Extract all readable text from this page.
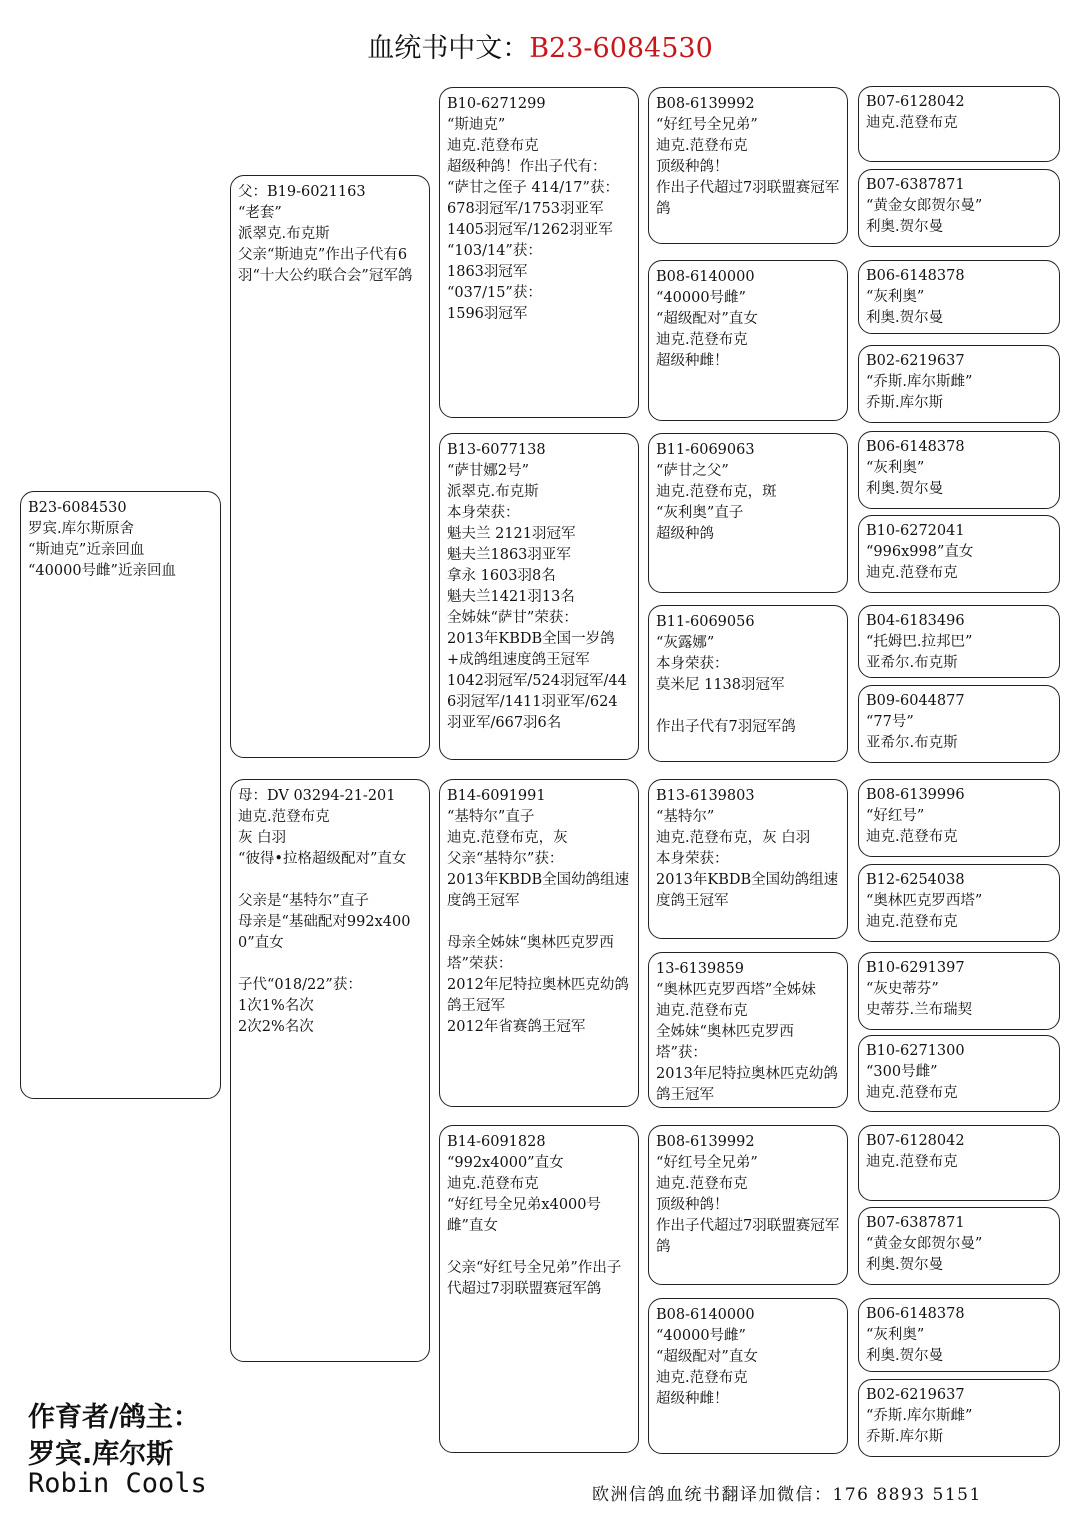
血统书中文：B23-6084530
B23-6084530
罗宾.库尔斯原舍
“斯迪克”近亲回血
“40000号雌”近亲回血
父：B19-6021163
“老套”
派翠克.布克斯
父亲“斯迪克”作出子代有6羽“十大公约联合会”冠军鸽
母：DV 03294-21-201
迪克.范登布克
灰 白羽
“彼得•拉格超级配对”直女
父亲是“基特尔”直子
母亲是“基础配对992x4000”直女
子代“018/22”获：
1次1%名次
2次2%名次
B10-6271299
“斯迪克”
迪克.范登布克
超级种鸽！作出子代有：
“萨甘之侄子 414/17”获：
678羽冠军/1753羽亚军
1405羽冠军/1262羽亚军
“103/14”获：
1863羽冠军
“037/15”获：
1596羽冠军
B13-6077138
“萨甘娜2号”
派翠克.布克斯
本身荣获：
魁夫兰 2121羽冠军
魁夫兰1863羽亚军
拿永 1603羽8名
魁夫兰1421羽13名
全姊妹“萨甘”荣获：
2013年KBDB全国一岁鸽+成鸽组速度鸽王冠军
1042羽冠军/524羽冠军/446羽冠军/1411羽亚军/624羽亚军/667羽6名
B14-6091991
“基特尔”直子
迪克.范登布克，灰
父亲“基特尔”获：
2013年KBDB全国幼鸽组速度鸽王冠军
母亲全姊妹“奥林匹克罗西塔”荣获：
2012年尼特拉奥林匹克幼鸽鸽王冠军
2012年省赛鸽王冠军
B14-6091828
“992x4000”直女
迪克.范登布克
“好红号全兄弟x4000号雌”直女
父亲“好红号全兄弟”作出子代超过7羽联盟赛冠军鸽
B08-6139992
“好红号全兄弟”
迪克.范登布克
顶级种鸽！
作出子代超过7羽联盟赛冠军鸽
B08-6140000
“40000号雌”
“超级配对”直女
迪克.范登布克
超级种雌！
B11-6069063
“萨甘之父”
迪克.范登布克，斑
“灰利奥”直子
超级种鸽
B11-6069056
“灰露娜”
本身荣获：
莫米尼 1138羽冠军
作出子代有7羽冠军鸽
B13-6139803
“基特尔”
迪克.范登布克，灰 白羽
本身荣获：
2013年KBDB全国幼鸽组速度鸽王冠军
13-6139859
“奥林匹克罗西塔”全姊妹
迪克.范登布克
全姊妹“奥林匹克罗西塔”获：
2013年尼特拉奥林匹克幼鸽鸽王冠军
B08-6139992
“好红号全兄弟”
迪克.范登布克
顶级种鸽！
作出子代超过7羽联盟赛冠军鸽
B08-6140000
“40000号雌”
“超级配对”直女
迪克.范登布克
超级种雌！
B07-6128042
迪克.范登布克
B07-6387871
“黄金女郎贺尔曼”
利奥.贺尔曼
B06-6148378
“灰利奥”
利奥.贺尔曼
B02-6219637
“乔斯.库尔斯雌”
乔斯.库尔斯
B06-6148378
“灰利奥”
利奥.贺尔曼
B10-6272041
“996x998”直女
迪克.范登布克
B04-6183496
“托姆巴.拉邦巴”
亚希尔.布克斯
B09-6044877
“77号”
亚希尔.布克斯
B08-6139996
“好红号”
迪克.范登布克
B12-6254038
“奥林匹克罗西塔”
迪克.范登布克
B10-6291397
“灰史蒂芬”
史蒂芬.兰布瑞契
B10-6271300
“300号雌”
迪克.范登布克
B07-6128042
迪克.范登布克
B07-6387871
“黄金女郎贺尔曼”
利奥.贺尔曼
B06-6148378
“灰利奥”
利奥.贺尔曼
B02-6219637
“乔斯.库尔斯雌”
乔斯.库尔斯
作育者/鸽主：
罗宾.库尔斯
Robin Cools	欧洲信鸽血统书翻译加微信：176 8893 5151
